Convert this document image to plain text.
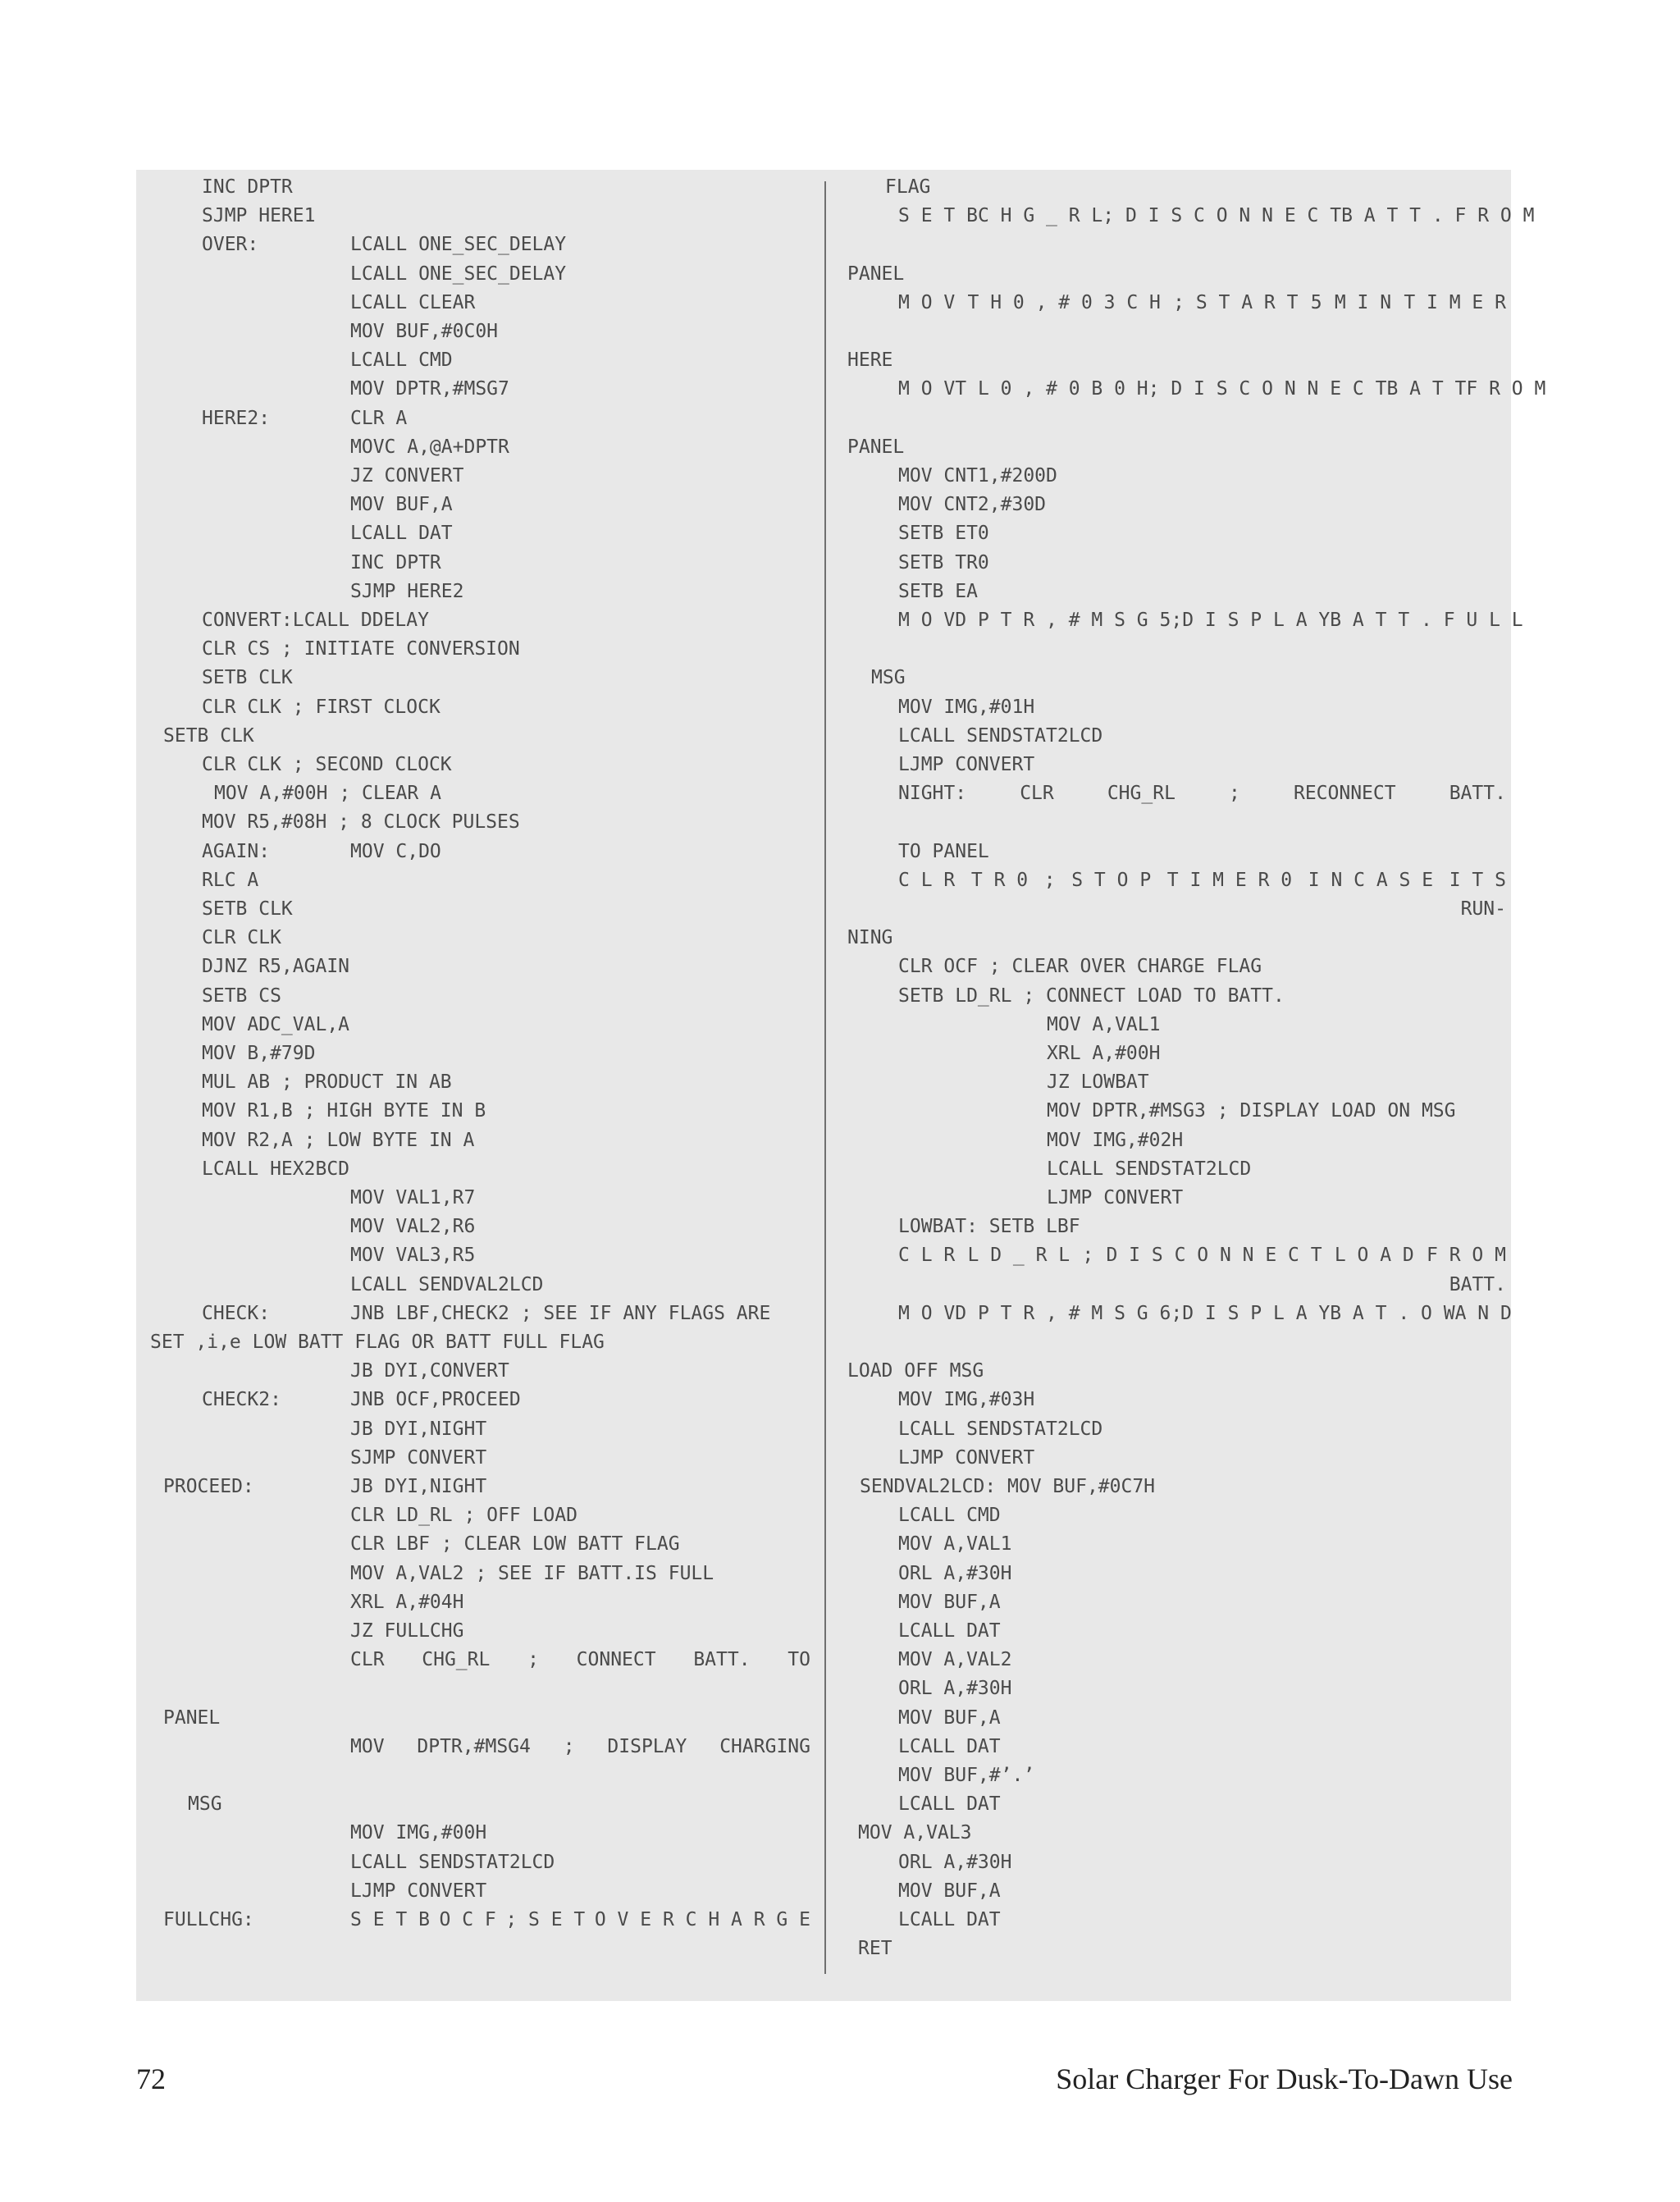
INC DPTR
SJMP HERE1
OVER:	LCALL ONE_SEC_DELAY
LCALL ONE_SEC_DELAY
LCALL CLEAR
MOV BUF,#0C0H
LCALL CMD
MOV DPTR,#MSG7
HERE2:	CLR A
MOVC A,@A+DPTR
JZ CONVERT
MOV BUF,A
LCALL DAT
INC DPTR
SJMP HERE2
CONVERT:LCALL DDELAY
CLR CS ; INITIATE CONVERSION
SETB CLK
CLR CLK ; FIRST CLOCK
SETB CLK
CLR CLK ; SECOND CLOCK
MOV A,#00H ; CLEAR A
MOV R5,#08H ; 8 CLOCK PULSES
AGAIN:	MOV C,DO
RLC A
SETB CLK
CLR CLK
DJNZ R5,AGAIN
SETB CS
MOV ADC_VAL,A
MOV B,#79D
MUL AB ; PRODUCT IN AB
MOV R1,B ; HIGH BYTE IN B
MOV R2,A ; LOW BYTE IN A
LCALL HEX2BCD
MOV VAL1,R7
MOV VAL2,R6
MOV VAL3,R5
LCALL SENDVAL2LCD
CHECK:	JNB LBF,CHECK2 ; SEE IF ANY FLAGS ARE
SET ,i,e LOW BATT FLAG OR BATT FULL FLAG
JB DYI,CONVERT
CHECK2:	JNB OCF,PROCEED
JB DYI,NIGHT
SJMP CONVERT
PROCEED:	JB DYI,NIGHT
CLR LD_RL ; OFF LOAD
CLR LBF ; CLEAR LOW BATT FLAG
MOV A,VAL2 ; SEE IF BATT.IS FULL
XRL A,#04H
JZ FULLCHG
CLR CHG_RL ; CONNECT BATT. TO
PANEL
MOV DPTR,#MSG4 ; DISPLAY CHARGING
MSG
MOV IMG,#00H
LCALL SENDSTAT2LCD
LJMP CONVERT
FULLCHG:	S E T B O C F ; S E T O V E R C H A R G E
FLAG
S E T B C H G _ R L ; D I S C O N N E C T B A T T . F R O M
PANEL
M O V T H 0 , # 0 3 C H ; S T A R T 5 M I N T I M E R
HERE
M O V T L 0 , # 0 B 0 H ; D I S C O N N E C T B A T T F R O M
PANEL
MOV CNT1,#200D
MOV CNT2,#30D
SETB ET0
SETB TR0
SETB EA
M O V D P T R , # M S G 5 ; D I S P L A Y B A T T . F U L L
MSG
MOV IMG,#01H
LCALL SENDSTAT2LCD
LJMP CONVERT
NIGHT:	CLR	CHG_RL	;	RECONNECT	BATT.
TO PANEL
C L R T R 0 ; S T O P T I M E R 0 I N C A S E I T S
RUN-
NING
CLR OCF ; CLEAR OVER CHARGE FLAG
SETB LD_RL ; CONNECT LOAD TO BATT.
MOV A,VAL1
XRL A,#00H
JZ LOWBAT
MOV DPTR,#MSG3 ; DISPLAY LOAD ON MSG
MOV IMG,#02H
LCALL SENDSTAT2LCD
LJMP CONVERT
LOWBAT: SETB LBF
C L R L D _ R L ; D I S C O N N E C T L O A D F R O M
BATT.
M O V D P T R , # M S G 6 ; D I S P L A Y B A T . O W A N D
LOAD OFF MSG
MOV IMG,#03H
LCALL SENDSTAT2LCD
LJMP CONVERT
SENDVAL2LCD: MOV BUF,#0C7H
LCALL CMD
MOV A,VAL1
ORL A,#30H
MOV BUF,A
LCALL DAT
MOV A,VAL2
ORL A,#30H
MOV BUF,A
LCALL DAT
MOV BUF,#’.’
LCALL DAT
MOV A,VAL3
ORL A,#30H
MOV BUF,A
LCALL DAT
RET
72	Solar Charger For Dusk-To-Dawn Use
